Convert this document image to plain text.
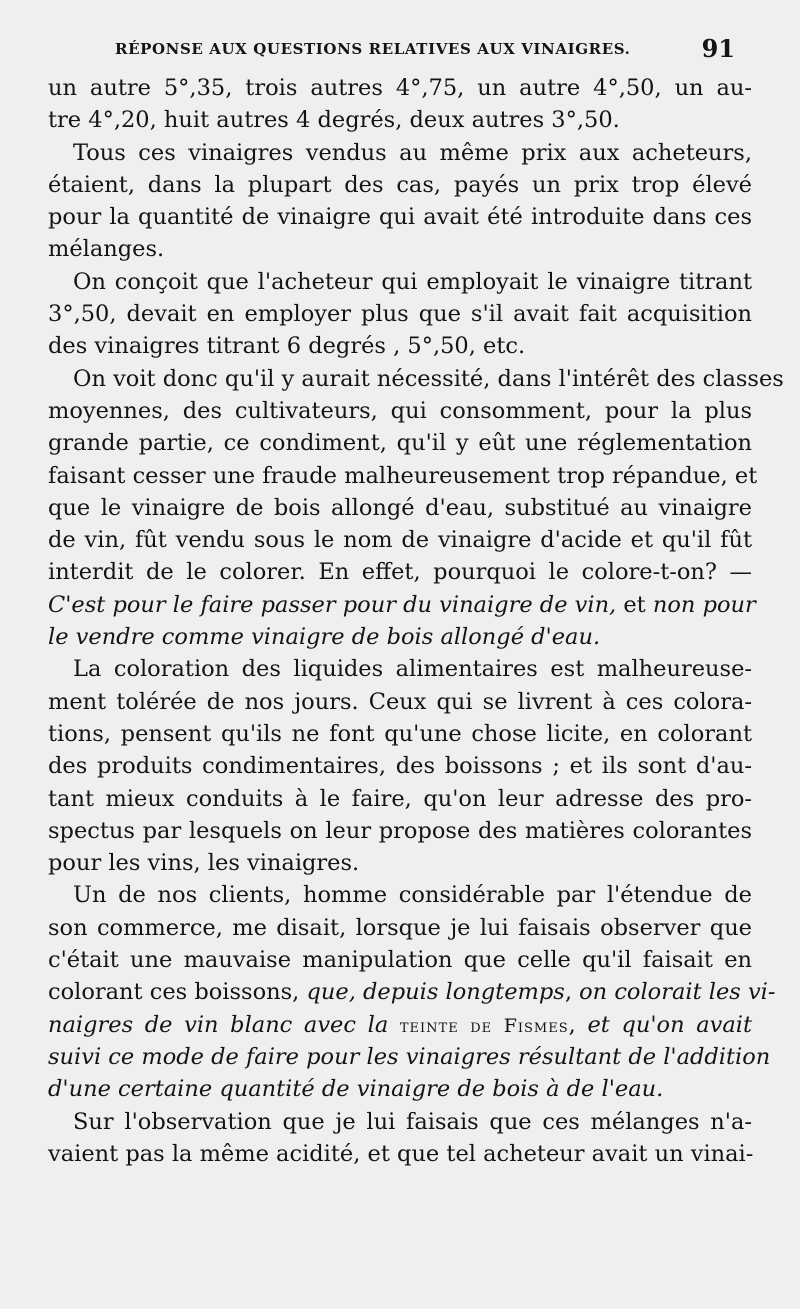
RÉPONSE AUX QUESTIONS RELATIVES AUX VINAIGRES.	91
un autre 5°,35, trois autres 4°,75, un autre 4°,50, un au-
tre 4°,20, huit autres 4 degrés, deux autres 3°,50.
Tous ces vinaigres vendus au même prix aux acheteurs,
étaient, dans la plupart des cas, payés un prix trop élevé
pour la quantité de vinaigre qui avait été introduite dans ces
mélanges.
On conçoit que l'acheteur qui employait le vinaigre titrant
3°,50, devait en employer plus que s'il avait fait acquisition
des vinaigres titrant 6 degrés , 5°,50, etc.
On voit donc qu'il y aurait nécessité, dans l'intérêt des classes
moyennes, des cultivateurs, qui consomment, pour la plus
grande partie, ce condiment, qu'il y eût une réglementation
faisant cesser une fraude malheureusement trop répandue, et
que le vinaigre de bois allongé d'eau, substitué au vinaigre
de vin, fût vendu sous le nom de vinaigre d'acide et qu'il fût
interdit de le colorer. En effet, pourquoi le colore-t-on? —
C'est pour le faire passer pour du vinaigre de vin, et non pour
le vendre comme vinaigre de bois allongé d'eau.
La coloration des liquides alimentaires est malheureuse-
ment tolérée de nos jours. Ceux qui se livrent à ces colora-
tions, pensent qu'ils ne font qu'une chose licite, en colorant
des produits condimentaires, des boissons ; et ils sont d'au-
tant mieux conduits à le faire, qu'on leur adresse des pro-
spectus par lesquels on leur propose des matières colorantes
pour les vins, les vinaigres.
Un de nos clients, homme considérable par l'étendue de
son commerce, me disait, lorsque je lui faisais observer que
c'était une mauvaise manipulation que celle qu'il faisait en
colorant ces boissons, que, depuis longtemps, on colorait les vi-
naigres de vin blanc avec la teinte de Fismes, et qu'on avait
suivi ce mode de faire pour les vinaigres résultant de l'addition
d'une certaine quantité de vinaigre de bois à de l'eau.
Sur l'observation que je lui faisais que ces mélanges n'a-
vaient pas la même acidité, et que tel acheteur avait un vinai-
